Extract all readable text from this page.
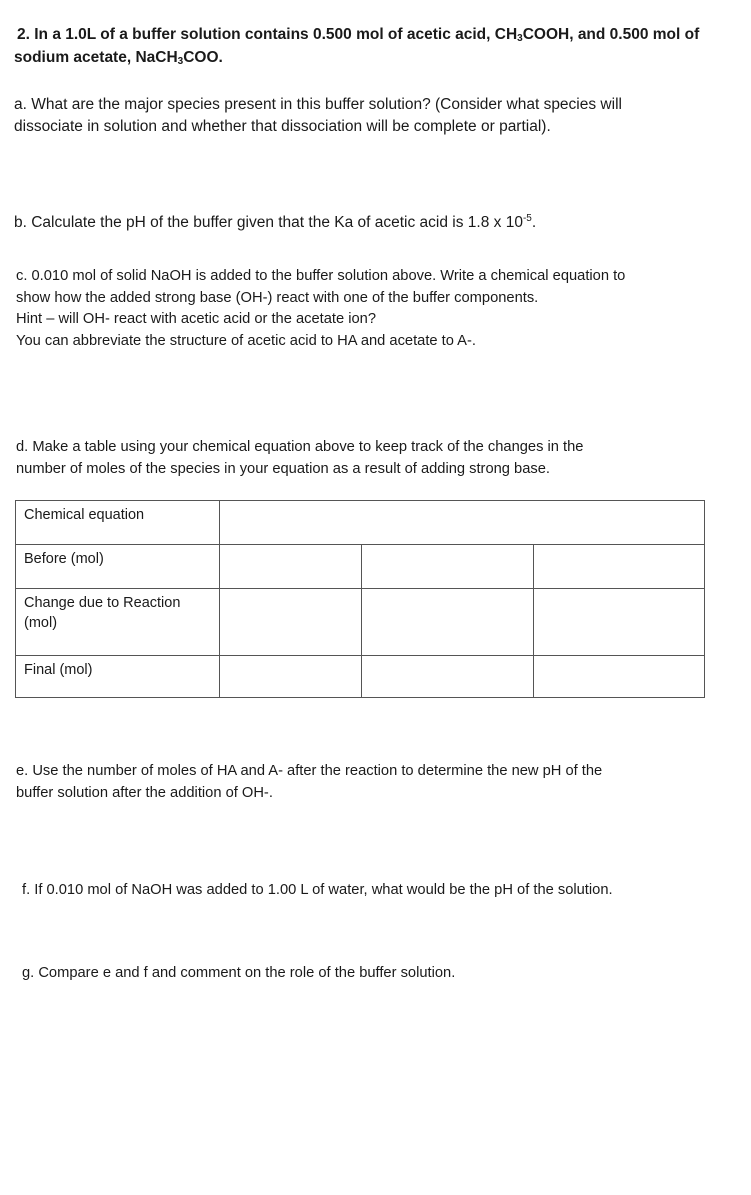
2. In a 1.0L of a buffer solution contains 0.500 mol of acetic acid, $CH_3COOH$, and 0.500 mol of
sodium acetate, NaCH$_3$COO.
a. What are the major species present in this buffer solution? (Consider what species will
dissociate in solution and whether that dissociation will be complete or partial).
b. Calculate the pH of the buffer given that the Ka of acetic acid is 1.8 x $10^{-5}$.
c. 0.010 mol of solid NaOH is added to the buffer solution above. Write a chemical equation to
show how the added strong base (OH-) react with one of the buffer components.
Hint – will OH- react with acetic acid or the acetate ion?
You can abbreviate the structure of acetic acid to HA and acetate to A-.
d. Make a table using your chemical equation above to keep track of the changes in the
number of moles of the species in your equation as a result of adding strong base.
Chemical equation			
Before (mol)			
Change due to Reaction (mol)			
Final (mol)			
e. Use the number of moles of HA and A- after the reaction to determine the new pH of the
buffer solution after the addition of OH-.
f. If 0.010 mol of NaOH was added to 1.00 L of water, what would be the pH of the solution.
g. Compare e and f and comment on the role of the buffer solution.
